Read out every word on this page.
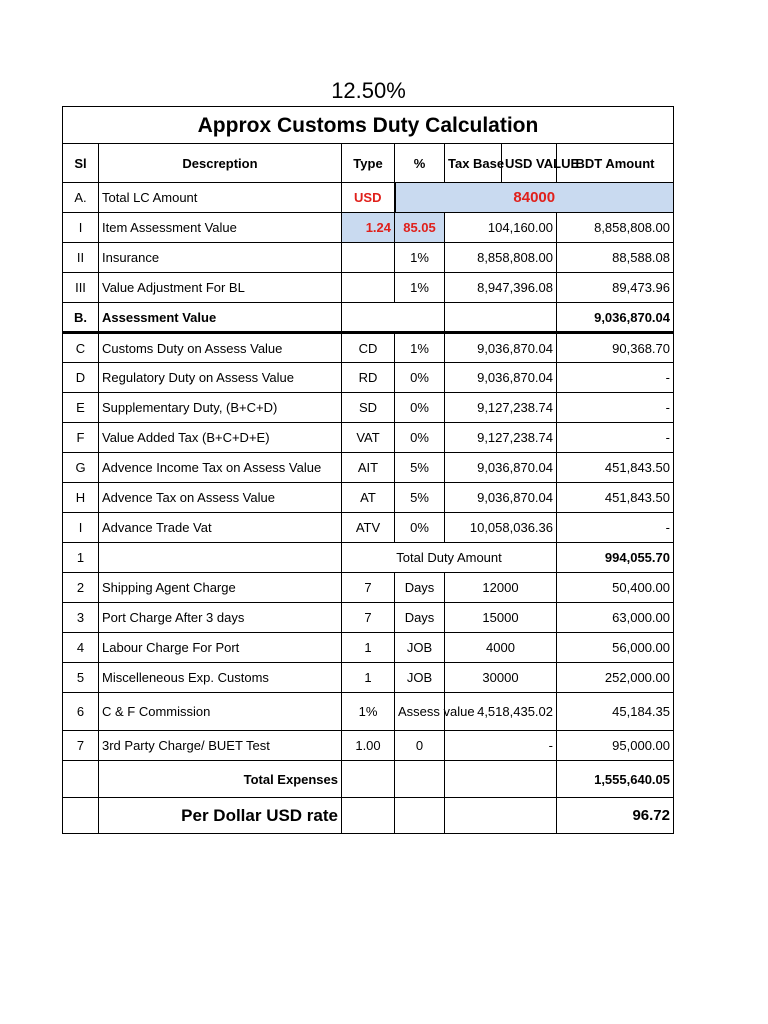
12.50%
Approx Customs Duty Calculation						
Sl	Descreption	Type	%	Tax Base	USD VALUE	BDT Amount
A.	Total LC Amount	USD	84000			
I	Item Assessment Value	1.24	85.05	104,160.00		8,858,808.00
II	Insurance		1%	8,858,808.00		88,588.08
III	Value Adjustment For BL		1%	8,947,396.08		89,473.96
B.	Assessment Value					9,036,870.04
C	Customs Duty on Assess Value	CD	1%	9,036,870.04		90,368.70
D	Regulatory Duty on Assess Value	RD	0%	9,036,870.04		-
E	Supplementary Duty, (B+C+D)	SD	0%	9,127,238.74		-
F	Value Added Tax (B+C+D+E)	VAT	0%	9,127,238.74		-
G	Advence Income Tax on Assess Value	AIT	5%	9,036,870.04		451,843.50
H	Advence Tax on Assess Value	AT	5%	9,036,870.04		451,843.50
I	Advance Trade Vat	ATV	0%	10,058,036.36		-
1		Total Duty Amount				994,055.70
2	Shipping Agent Charge	7	Days	12000		50,400.00
3	Port Charge After 3 days	7	Days	15000		63,000.00
4	Labour Charge For Port	1	JOB	4000		56,000.00
5	Miscelleneous Exp. Customs	1	JOB	30000		252,000.00
6	C & F Commission	1%	Assess value	4,518,435.02		45,184.35
7	3rd Party Charge/ BUET Test	1.00	0	-		95,000.00
	Total Expenses					1,555,640.05
	Per Dollar USD rate					96.72
